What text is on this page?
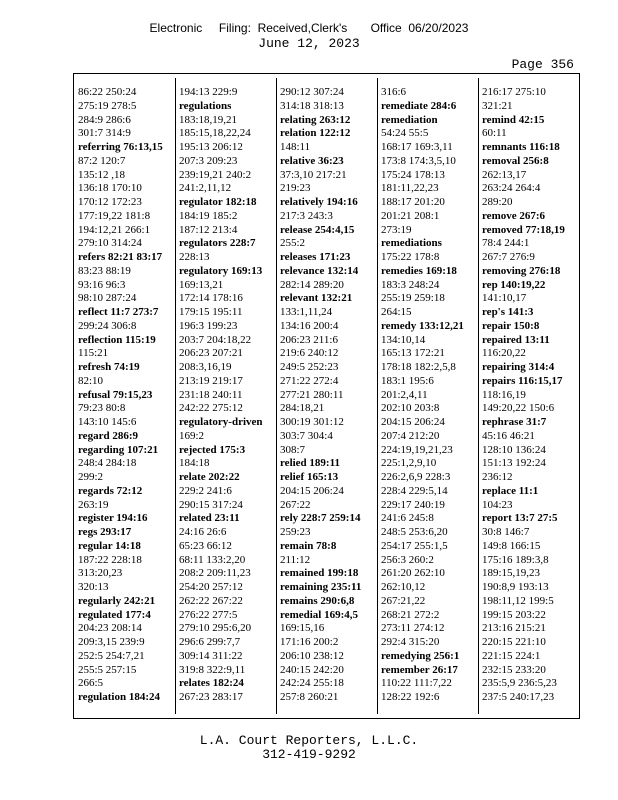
Electronic     Filing:  Received,Clerk's       Office  06/20/2023
June 12, 2023
Page 356
86:22 250:24
275:19 278:5
284:9 286:6
301:7 314:9
referring 76:13,15
87:2 120:7
135:12 ,18
136:18 170:10
170:12 172:23
177:19,22 181:8
194:12,21 266:1
279:10 314:24
refers 82:21 83:17
83:23 88:19
93:16 96:3
98:10 287:24
reflect 11:7 273:7
299:24 306:8
reflection 115:19
115:21
refresh 74:19
82:10
refusal 79:15,23
79:23 80:8
143:10 145:6
regard 286:9
regarding 107:21
248:4 284:18
299:2
regards 72:12
263:19
register 194:16
regs 293:17
regular 14:18
187:22 228:18
313:20,23
320:13
regularly 242:21
regulated 177:4
204:23 208:14
209:3,15 239:9
252:5 254:7,21
255:5 257:15
266:5
regulation 184:24
194:13 229:9
regulations
183:18,19,21
185:15,18,22,24
195:13 206:12
207:3 209:23
239:19,21 240:2
241:2,11,12
regulator 182:18
184:19 185:2
187:12 213:4
regulators 228:7
228:13
regulatory 169:13
169:13,21
172:14 178:16
179:15 195:11
196:3 199:23
203:7 204:18,22
206:23 207:21
208:3,16,19
213:19 219:17
231:18 240:11
242:22 275:12
regulatory-driven
169:2
rejected 175:3
184:18
relate 202:22
229:2 241:6
290:15 317:24
related 23:11
24:16 26:6
65:23 66:12
68:11 133:2,20
208:2 209:11,23
254:20 257:12
262:22 267:22
276:22 277:5
279:10 295:6,20
296:6 299:7,7
309:14 311:22
319:8 322:9,11
relates 182:24
267:23 283:17
290:12 307:24
314:18 318:13
relating 263:12
relation 122:12
148:11
relative 36:23
37:3,10 217:21
219:23
relatively 194:16
217:3 243:3
release 254:4,15
255:2
releases 171:23
relevance 132:14
282:14 289:20
relevant 132:21
133:1,11,24
134:16 200:4
206:23 211:6
219:6 240:12
249:5 252:23
271:22 272:4
277:21 280:11
284:18,21
300:19 301:12
303:7 304:4
308:7
relied 189:11
relief 165:13
204:15 206:24
267:22
rely 228:7 259:14
259:23
remain 78:8
211:12
remained 199:18
remaining 235:11
remains 290:6,8
remedial 169:4,5
169:15,16
171:16 200:2
206:10 238:12
240:15 242:20
242:24 255:18
257:8 260:21
316:6
remediate 284:6
remediation
54:24 55:5
168:17 169:3,11
173:8 174:3,5,10
175:24 178:13
181:11,22,23
188:17 201:20
201:21 208:1
273:19
remediations
175:22 178:8
remedies 169:18
183:3 248:24
255:19 259:18
264:15
remedy 133:12,21
134:10,14
165:13 172:21
178:18 182:2,5,8
183:1 195:6
201:2,4,11
202:10 203:8
204:15 206:24
207:4 212:20
224:19,19,21,23
225:1,2,9,10
226:2,6,9 228:3
228:4 229:5,14
229:17 240:19
241:6 245:8
248:5 253:6,20
254:17 255:1,5
256:3 260:2
261:20 262:10
262:10,12
267:21,22
268:21 272:2
273:11 274:12
292:4 315:20
remedying 256:1
remember 26:17
110:22 111:7,22
128:22 192:6
216:17 275:10
321:21
remind 42:15
60:11
remnants 116:18
removal 256:8
262:13,17
263:24 264:4
289:20
remove 267:6
removed 77:18,19
78:4 244:1
267:7 276:9
removing 276:18
rep 140:19,22
141:10,17
rep's 141:3
repair 150:8
repaired 13:11
116:20,22
repairing 314:4
repairs 116:15,17
118:16,19
149:20,22 150:6
rephrase 31:7
45:16 46:21
128:10 136:24
151:13 192:24
236:12
replace 11:1
104:23
report 13:7 27:5
30:8 146:7
149:8 166:15
175:16 189:3,8
189:15,19,23
190:8,9 193:13
198:11,12 199:5
199:15 203:22
213:16 215:21
220:15 221:10
221:15 224:1
232:15 233:20
235:5,9 236:5,23
237:5 240:17,23
L.A. Court Reporters, L.L.C.
312-419-9292
